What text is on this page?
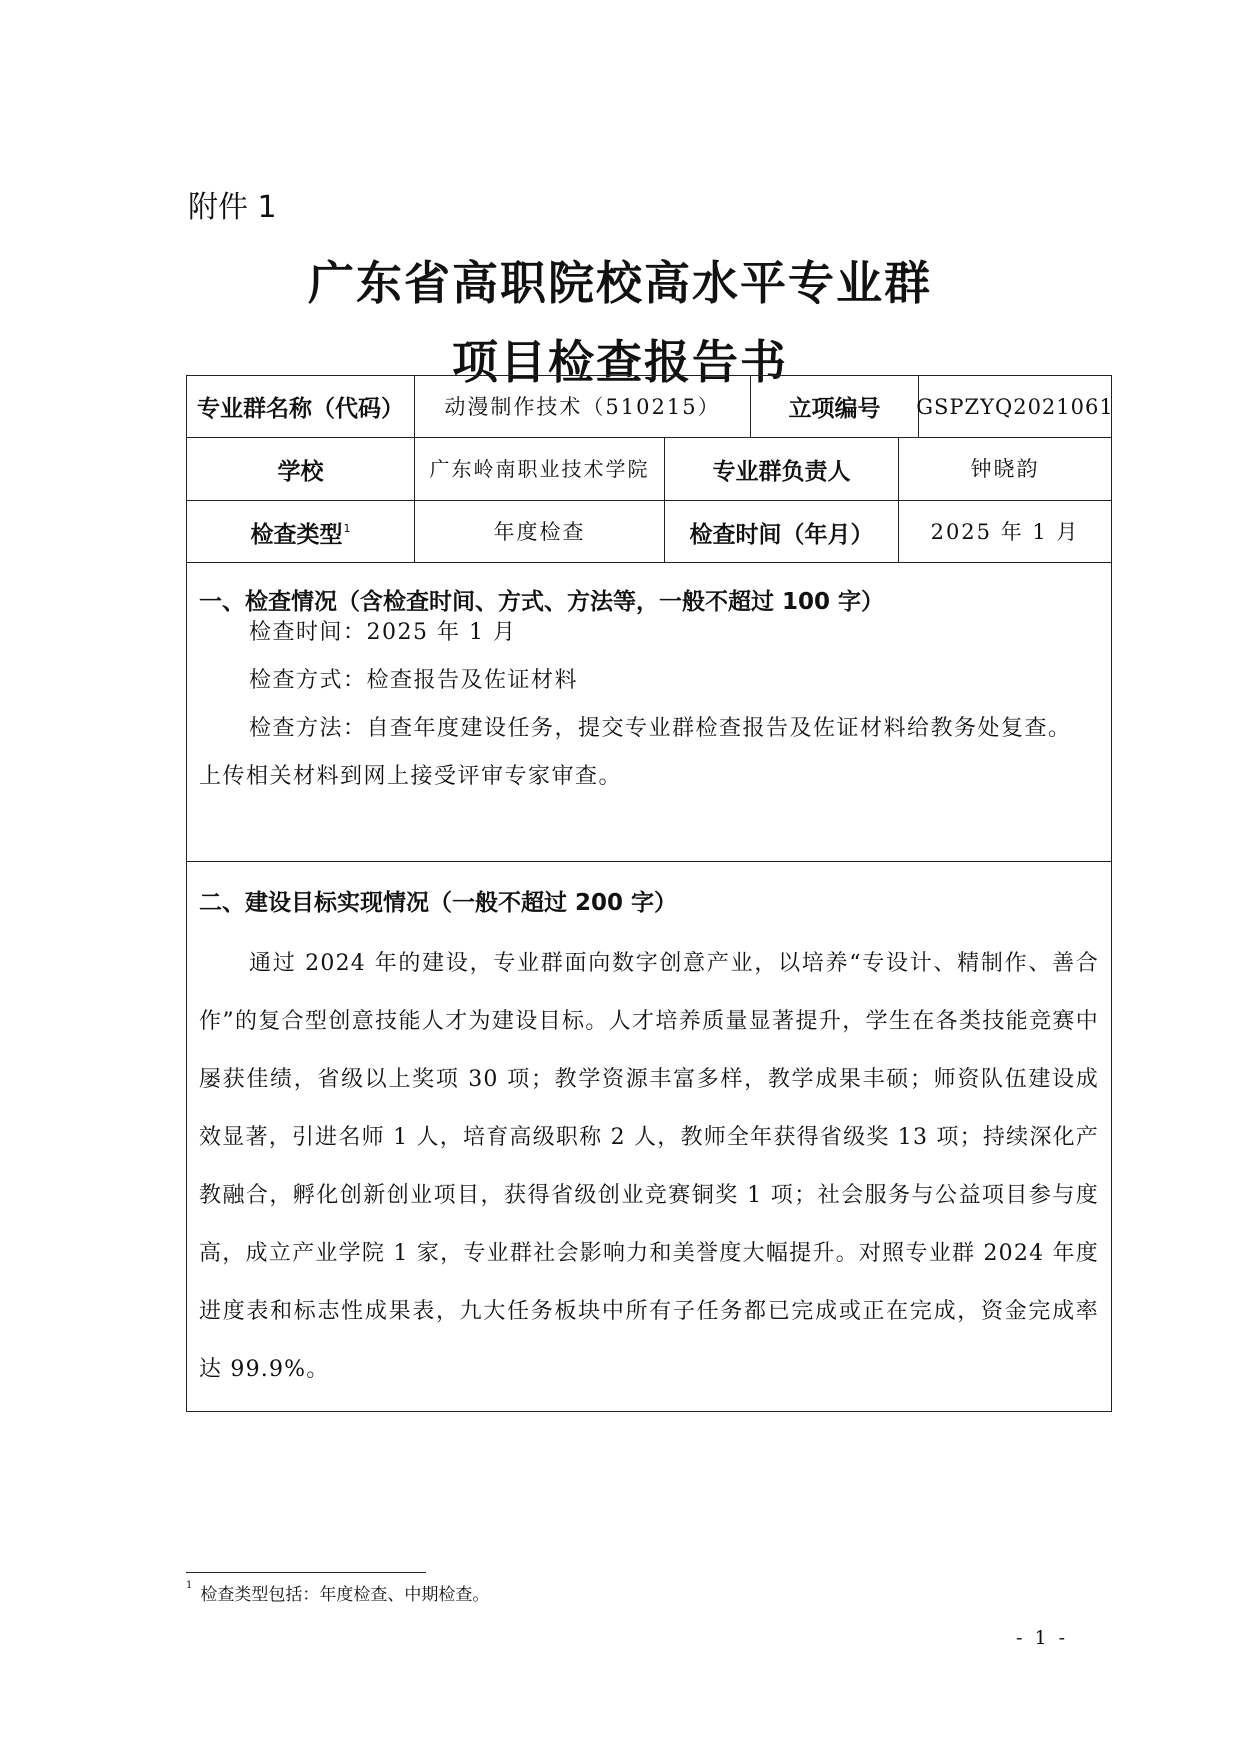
附件 1
广东省高职院校高水平专业群
项目检查报告书
专业群名称（代码）	动漫制作技术（510215）	立项编号	GSPZYQ2021061
学校	广东岭南职业技术学院	专业群负责人	钟晓韵
检查类型$^1$	年度检查	检查时间（年月）	2025 年 1 月
一、检查情况（含检查时间、方式、方法等，一般不超过 100 字）
检查时间：2025 年 1 月
检查方式：检查报告及佐证材料
检查方法：自查年度建设任务，提交专业群检查报告及佐证材料给教务处复查。
上传相关材料到网上接受评审专家审查。
二、建设目标实现情况（一般不超过 200 字）

通过 2024 年的建设，专业群面向数字创意产业，以培养“专设计、精制作、善合作”的复合型创意技能人才为建设目标。人才培养质量显著提升，学生在各类技能竞赛中屡获佳绩，省级以上奖项 30 项；教学资源丰富多样，教学成果丰硕；师资队伍建设成效显著，引进名师 1 人，培育高级职称 2 人，教师全年获得省级奖 13 项；持续深化产教融合，孵化创新创业项目，获得省级创业竞赛铜奖 1 项；社会服务与公益项目参与度高，成立产业学院 1 家，专业群社会影响力和美誉度大幅提升。对照专业群 2024 年度进度表和标志性成果表，九大任务板块中所有子任务都已完成或正在完成，资金完成率达 99.9%。

$^1$ 检查类型包括：年度检查、中期检查。
- 1 -
